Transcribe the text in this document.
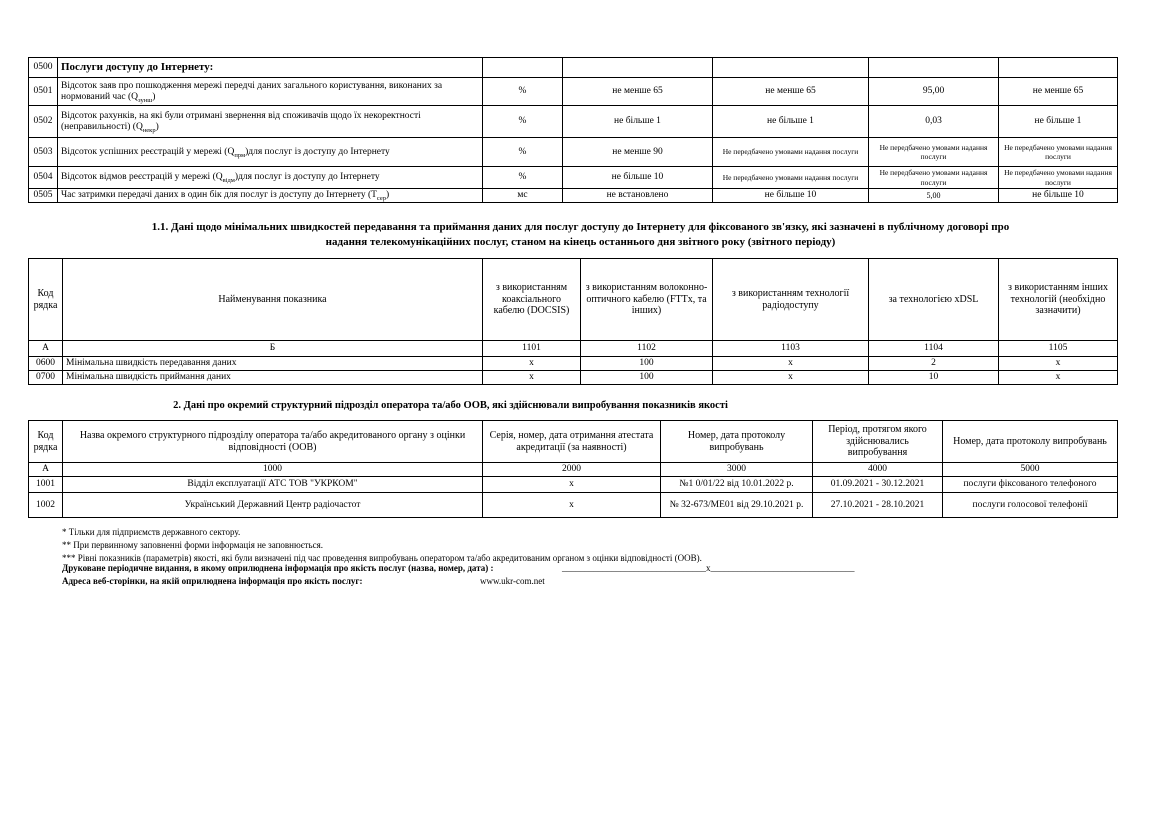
0500	Послуги доступу до Інтернету:					
0501	Відсоток заяв про пошкодження мережі передчі даних загального користування, виконаних за нормований час $(Q_{зунш})$	%	не менше 65	не менше 65	95,00	не менше 65
0502	Відсоток рахунків, на які були отримані звернення від споживачів щодо їх некоректності (неправильності) $(Q_{некр})$	%	не більше 1	не більше 1	0,03	не більше 1
0503	Відсоток успішних реєстрацій у мережі $(Q_{прм})для$ послуг із доступу до Інтернету	%	не менше 90	Не передбачено умовами надання послуги	Не передбачено умовами надання послуги	Не передбачено умовами надання послуги
0504	Відсоток відмов реєстрацій у мережі $(Q_{відм})для$ послуг із доступу до Інтернету	%	не більше 10	Не передбачено умовами надання послуги	Не передбачено умовами надання послуги	Не передбачено умовами надання послуги
0505	Час затримки передачі даних в один бік для послуг із доступу до Інтернету $(Т_{сер})$	мс	не встановлено	не більше 10	5,00	не більше 10
1.1. Дані щодо мінімальних швидкостей передавання та приймання даних для послуг доступу до Інтернету для фіксованого зв'язку, які зазначені в публічному договорі про
надання телекомунікаційних послуг, станом на кінець останнього дня звітного року (звітного періоду)
Код рядка	Найменування показника	з використанням коаксіального кабелю (DOCSIS)	з використанням волоконно-оптичного кабелю (FTTx, та інших)	з використанням технології радіодоступу	за технологією xDSL	з використанням інших технологій (необхідно зазначити)
А	Б	1101	1102	1103	1104	1105
0600	Мінімальна швидкість передавання даних	х	100	х	2	х
0700	Мінімальна швидкість приймання даних	х	100	х	10	х
2. Дані про окремий структурний підрозділ оператора та/або ООВ, які здійснювали випробування показників якості
Код рядка	Назва окремого структурного підрозділу оператора та/або акредитованого органу з оцінки відповідності (ООВ)	Серія, номер, дата отримання атестата акредитації (за наявності)	Номер, дата протоколу випробувань	Період, протягом якого здійснювались випробування	Номер, дата протоколу випробувань
А	1000	2000	3000	4000	5000
1001	Відділ експлуатації АТС ТОВ "УКРКОМ"	х	№1 0/01/22 від 10.01.2022 р.	01.09.2021 - 30.12.2021	послуги фіксованого телефоного
1002	Український Державний Центр радіочастот	х	№ 32-673/МЕ01 від 29.10.2021 р.	27.10.2021 - 28.10.2021	послуги голосової телефонії
* Тільки для підприємств державного сектору.
** При первинному заповненні форми інформація не заповнюється.
*** Рівні показників (параметрів) якості, які були визначені під час проведення випробувань оператором та/або акредитованим органом з оцінки відповідності (ООВ).
Друковане періодичне видання, в якому оприлюднена інформація про якість послуг (назва, номер, дата) :	________________________________х________________________________
Адреса веб-сторінки, на якій оприлюднена інформація про якість послуг:	www.ukr-com.net
